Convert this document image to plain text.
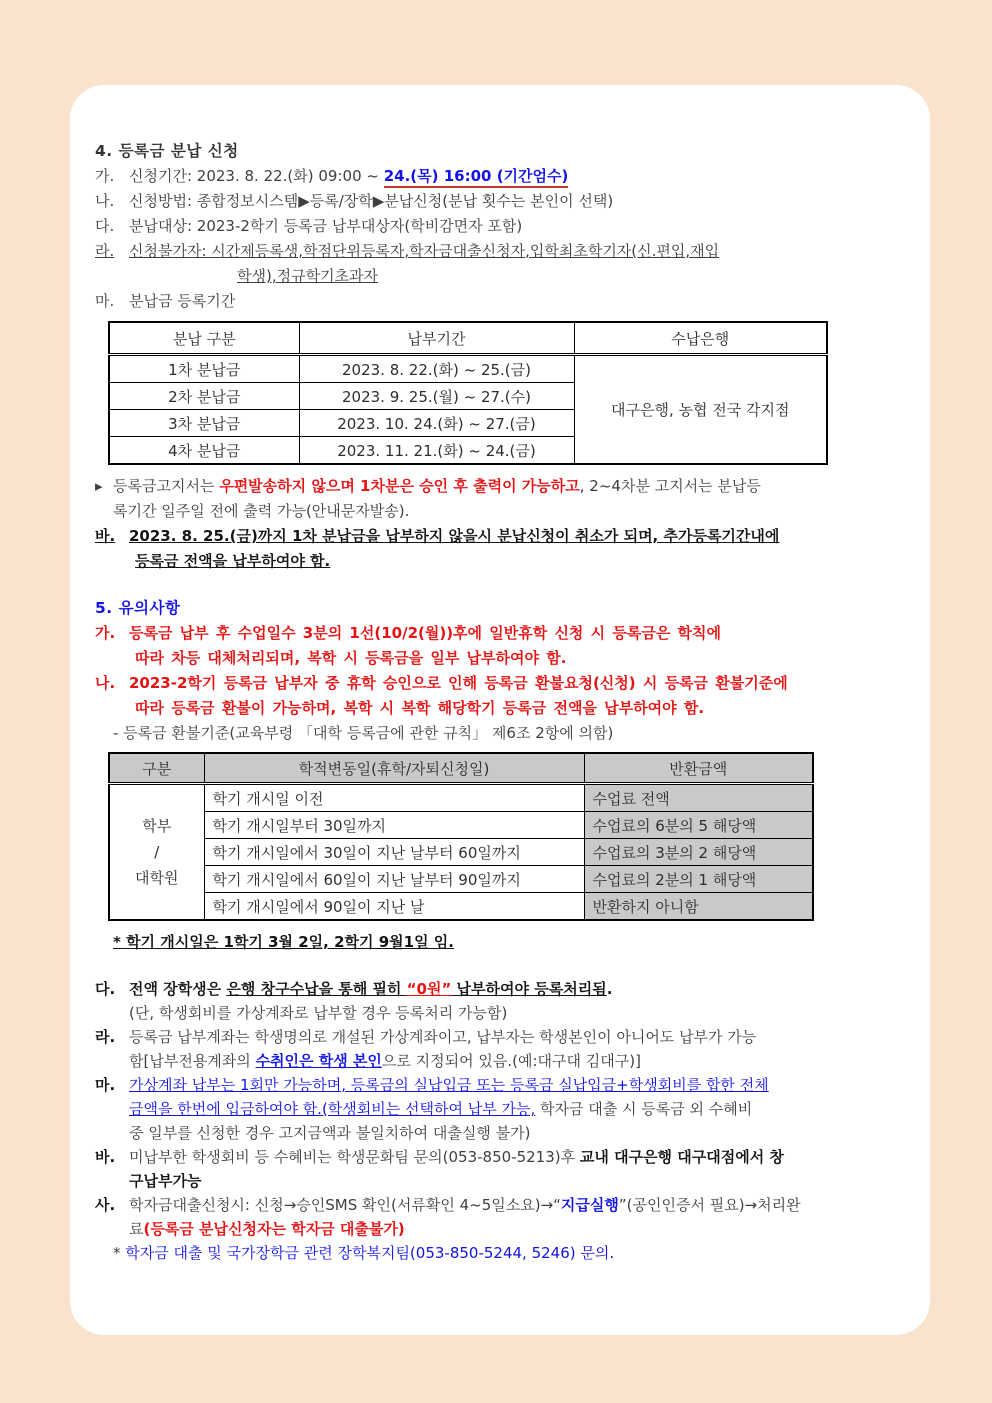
4. 등록금 분납 신청
가. 신청기간: 2023. 8. 22.(화) 09:00 ~ 24.(목) 16:00 (기간엄수)
나. 신청방법: 종합정보시스템▶등록/장학▶분납신청(분납 횟수는 본인이 선택)
다. 분납대상: 2023-2학기 등록금 납부대상자(학비감면자 포함)
라. 신청불가자: 시간제등록생,학점단위등록자,학자금대출신청자,입학최초학기자(신.편입,재입
학생),정규학기초과자
마. 분납금 등록기간
분납 구분	납부기간	수납은행
1차 분납금	2023. 8. 22.(화) ~ 25.(금)	대구은행, 농협 전국 각지점
2차 분납금	2023. 9. 25.(월) ~ 27.(수)	
3차 분납금	2023. 10. 24.(화) ~ 27.(금)	
4차 분납금	2023. 11. 21.(화) ~ 24.(금)	
▸ 등록금고지서는 우편발송하지 않으며 1차분은 승인 후 출력이 가능하고, 2~4차분 고지서는 분납등
록기간 일주일 전에 출력 가능(안내문자발송).
바. 2023. 8. 25.(금)까지 1차 분납금을 납부하지 않을시 분납신청이 취소가 되며, 추가등록기간내에
등록금 전액을 납부하여야 함.
5. 유의사항
가. 등록금 납부 후 수업일수 3분의 1선(10/2(월))후에 일반휴학 신청 시 등록금은 학칙에
따라 차등 대체처리되며, 복학 시 등록금을 일부 납부하여야 함.
나. 2023-2학기 등록금 납부자 중 휴학 승인으로 인해 등록금 환불요청(신청) 시 등록금 환불기준에
따라 등록금 환불이 가능하며, 복학 시 복학 해당학기 등록금 전액을 납부하여야 함.
- 등록금 환불기준(교육부령 「대학 등록금에 관한 규칙」 제6조 2항에 의함)
구분	학적변동일(휴학/자퇴신청일)	반환금액

학부
/
대학원	학기 개시일 이전	수업료 전액
	학기 개시일부터 30일까지	수업료의 6분의 5 해당액
	학기 개시일에서 30일이 지난 날부터 60일까지	수업료의 3분의 2 해당액
	학기 개시일에서 60일이 지난 날부터 90일까지	수업료의 2분의 1 해당액
	학기 개시일에서 90일이 지난 날	반환하지 아니함
* 학기 개시일은 1학기 3월 2일, 2학기 9월1일 임.
다. 전액 장학생은 은행 창구수납을 통해 필히 “0원” 납부하여야 등록처리됨.
(단, 학생회비를 가상계좌로 납부할 경우 등록처리 가능함)
라. 등록금 납부계좌는 학생명의로 개설된 가상계좌이고, 납부자는 학생본인이 아니어도 납부가 가능
함[납부전용계좌의 수취인은 학생 본인으로 지정되어 있음.(예:대구대 김대구)]
마. 가상계좌 납부는 1회만 가능하며, 등록금의 실납입금 또는 등록금 실납입금+학생회비를 합한 전체
금액을 한번에 입금하여야 함.(학생회비는 선택하여 납부 가능, 학자금 대출 시 등록금 외 수혜비
중 일부를 신청한 경우 고지금액과 불일치하여 대출실행 불가)
바. 미납부한 학생회비 등 수혜비는 학생문화팀 문의(053-850-5213)후 교내 대구은행 대구대점에서 창
구납부가능
사. 학자금대출신청시: 신청→승인SMS 확인(서류확인 4~5일소요)→“지급실행”(공인인증서 필요)→처리완
료(등록금 분납신청자는 학자금 대출불가)
* 학자금 대출 및 국가장학금 관련 장학복지팀(053-850-5244, 5246) 문의.
